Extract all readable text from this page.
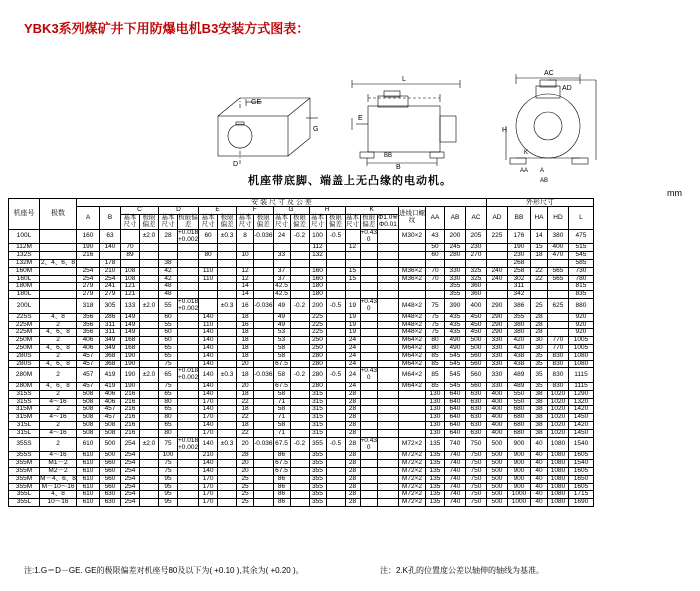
YBK3系列煤矿井下用防爆电机B3安装方式图表：
D
GE
G
L
B
BB
E
AC
AD
H
AA A
AB
K
机座带底脚、端盖上无凸缘的电动机。
mm
机座号	极数	安 装 尺 寸 及 公 差																					外形尺寸				
		A	B	C		D		E		F		G		H		K			进线口螺纹	AA	AB	AC	AD	BB	HA	HD	L
				基本尺寸	极限偏差	基本尺寸	极限偏差	基本尺寸	极限偏差	基本尺寸	极限偏差	基本尺寸	极限偏差	基本尺寸	极限偏差	基本尺寸	极限偏差	Φ1.0※ Φ0.01									
100L		160	63		±2.0	28	+0.018 +0.002	60	±0.3	8	-0.036	24	-0.2	100	-0.5		+0.43 0		M30×2	43	200	205	225	176	14	380	475
112M		190	140	70										112		12				50	245	230		190	15	400	515
132S		216		89				80		10		33		132						60	280	270		230	18	470	545
132M	2、4、6、8		178			38																		268			585
160M		254	210	108		42		110		12		37		160		15			M36×2	70	330	325	240	258	22	565	730
160L		254	254	108		42		110		12		37		160		15			M36×2	70	330	325	240	302	22	565	780
180M		279	241	121		48				14		42.5		180							355	360		311			815
180L		279	279	121		48				14		42.5		180							355	360		342			835
200L		318	305	133	±2.0	55	+0.018 +0.002		±0.3	16	-0.036	49	-0.2	200	-0.5	19	+0.43 0		M48×2	75	390	400	290	386	25	625	880
225S	4、8	356	286	149		60		140		18		49		225		19			M48×2	75	435	450	290	355	28		920
225M	2	356	311	149		55		110		16		49		225		19			M48×2	75	435	450	290	380	28		920
225M	4、6、8	356	311	149		60		140		18		53		225		19			M48×2	75	435	450	290	380	28		920
250M	2	406	349	168		60		140		18		53		250		24			M64×2	80	490	500	330	420	30	770	1005
250M	4、6、8	406	349	168		65		140		18		58		250		24			M64×2	80	490	500	330	420	30	770	1005
280S	2	457	368	190		65		140		18		58		280		24			M64×2	85	545	560	330	438	35	830	1080
280S	4、6、8	457	368	190		75		140		20		67.5		280		24			M64×2	85	545	560	330	438	35	830	1080
280M	2	457	419	190	±2.0	65	+0.018 +0.002	140	±0.3	18	-0.036	58	-0.2	280	-0.5	24	+0.43 0		M64×2	85	545	560	330	489	35	830	1115
280M	4、6、8	457	419	190		75		140		20		67.5		280		24			M64×2	85	545	560	330	489	35	830	1115
315S	2	508	406	216		65		140		18		58		315		28				130	640	630	400	550	38	1020	1290
315S	4～16	508	406	216		80		170		22		71		315		28				130	640	630	400	550	38	1020	1320
315M	2	508	457	216		65		140		18		58		315		28				130	640	630	400	680	38	1020	1420
315M	4～16	508	457	216		80		170		22		71		315		28				130	640	630	400	680	38	1020	1450
315L	2	508	508	216		65		140		18		58		315		28				130	640	630	400	680	38	1020	1420
315L	4～16	508	508	216		80		170		22		71		315		28				130	640	630	400	680	38	1020	1450
355S	2	610	500	254	±2.0	75	+0.018 +0.002	140	±0.3	20	-0.036	67.5	-0.2	355	-0.5	28	+0.43 0		M72×2	135	740	750	500	900	40	1080	1540
355S	4～16	610	500	254		100		210		28		86		355		28			M72×2	135	740	750	500	900	40	1080	1605
355M	M1－2	610	560	254		75		140		20		67.5		355		28			M72×2	135	740	750	500	900	40	1080	1540
355M	M2－2	610	560	254		75		140		20		67.5		355		28			M72×2	135	740	750	500	900	40	1080	1605
355M	M－4、6、8	610	560	254		95		170		25		86		355		28			M72×2	135	740	750	500	900	40	1080	1650
355M	M－10～16	610	560	254		95		170		25		86		355		28			M72×2	135	740	750	500	900	40	1080	1605
355L	4、8	610	630	254		95		170		25		86		355		28			M72×2	135	740	750	500	1000	40	1080	1715
355L	10～16	610	630	254		95		170		25		86		355		28			M72×2	135	740	750	500	1000	40	1080	1690
注:1.G＝D－GE. GE的极限偏差对机座号80及以下为( +0.10 ),其余为( +0.20 )。	注：2.K孔的位置度公差以轴伸的轴线为基准。
